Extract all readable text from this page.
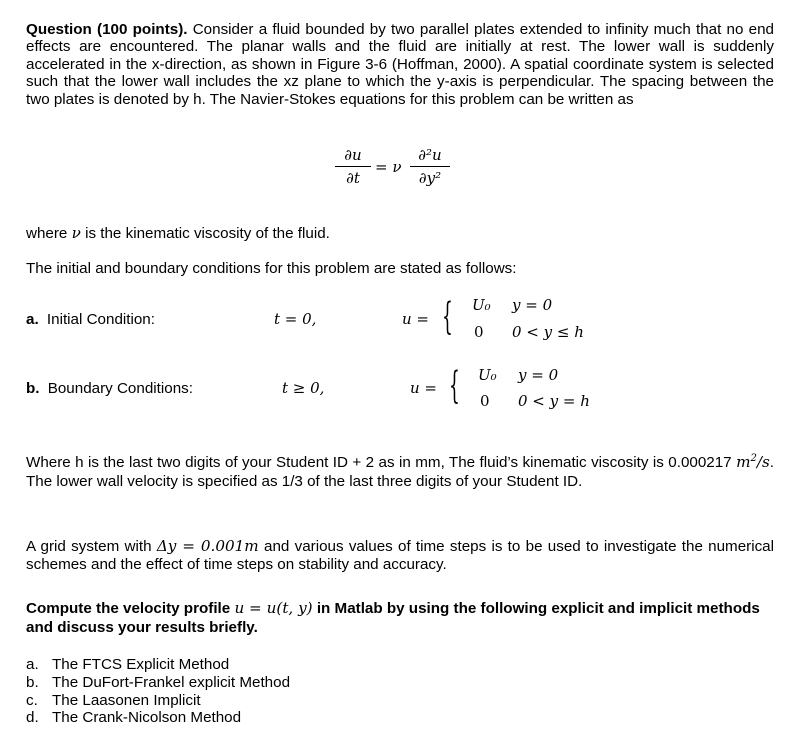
Question (100 points). Consider a fluid bounded by two parallel plates extended to infinity much that no end effects are encountered. The planar walls and the fluid are initially at rest. The lower wall is suddenly accelerated in the x-direction, as shown in Figure 3-6 (Hoffman, 2000). A spatial coordinate system is selected such that the lower wall includes the xz plane to which the y-axis is perpendicular. The spacing between the two plates is denoted by h. The Navier-Stokes equations for this problem can be written as
∂u
∂t
= ν
∂²u
∂y²
where ν is the kinematic viscosity of the fluid.
The initial and boundary conditions for this problem are stated as follows:
a. Initial Condition:	t = 0,	u = { U₀ y = 0
0 0 < y ≤ h
b. Boundary Conditions:	t ≥ 0,	u = { U₀ y = 0
0 0 < y = h
Where h is the last two digits of your Student ID + 2 as in mm, The fluid’s kinematic viscosity is 0.000217 $m^2/s$. The lower wall velocity is specified as 1/3 of the last three digits of your Student ID.
A grid system with Δy = 0.001m and various values of time steps is to be used to investigate the numerical schemes and the effect of time steps on stability and accuracy.
Compute the velocity profile u = u(t, y) in Matlab by using the following explicit and implicit methods and discuss your results briefly.
a. The FTCS Explicit Method
b. The DuFort-Frankel explicit Method
c. The Laasonen Implicit
d. The Crank-Nicolson Method
